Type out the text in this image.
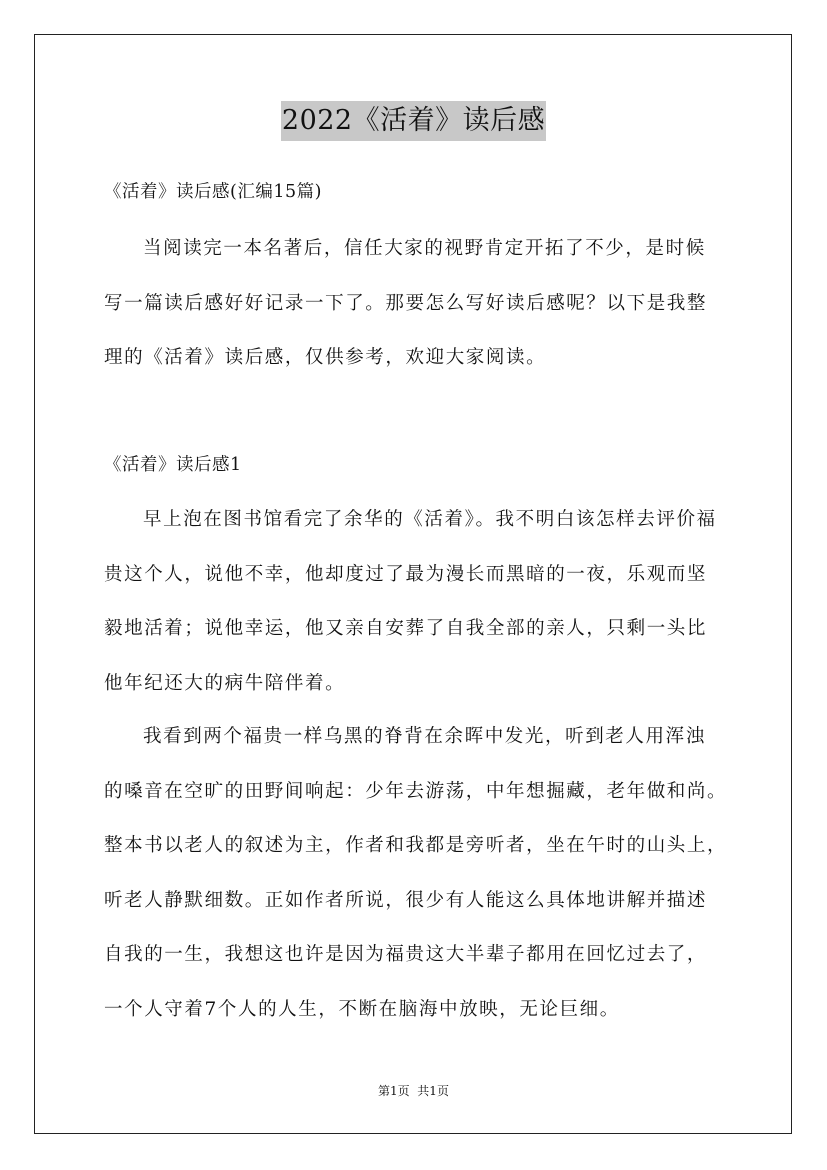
2022《活着》读后感
《活着》读后感(汇编15篇)
当阅读完一本名著后，信任大家的视野肯定开拓了不少，是时候
写一篇读后感好好记录一下了。那要怎么写好读后感呢？以下是我整
理的《活着》读后感，仅供参考，欢迎大家阅读。
《活着》读后感1
早上泡在图书馆看完了余华的《活着》。我不明白该怎样去评价福
贵这个人，说他不幸，他却度过了最为漫长而黑暗的一夜，乐观而坚
毅地活着；说他幸运，他又亲自安葬了自我全部的亲人，只剩一头比
他年纪还大的病牛陪伴着。
我看到两个福贵一样乌黑的脊背在余晖中发光，听到老人用浑浊
的嗓音在空旷的田野间响起：少年去游荡，中年想掘藏，老年做和尚。
整本书以老人的叙述为主，作者和我都是旁听者，坐在午时的山头上，
听老人静默细数。正如作者所说，很少有人能这么具体地讲解并描述
自我的一生，我想这也许是因为福贵这大半辈子都用在回忆过去了，
一个人守着7个人的人生，不断在脑海中放映，无论巨细。
第1页  共1页
